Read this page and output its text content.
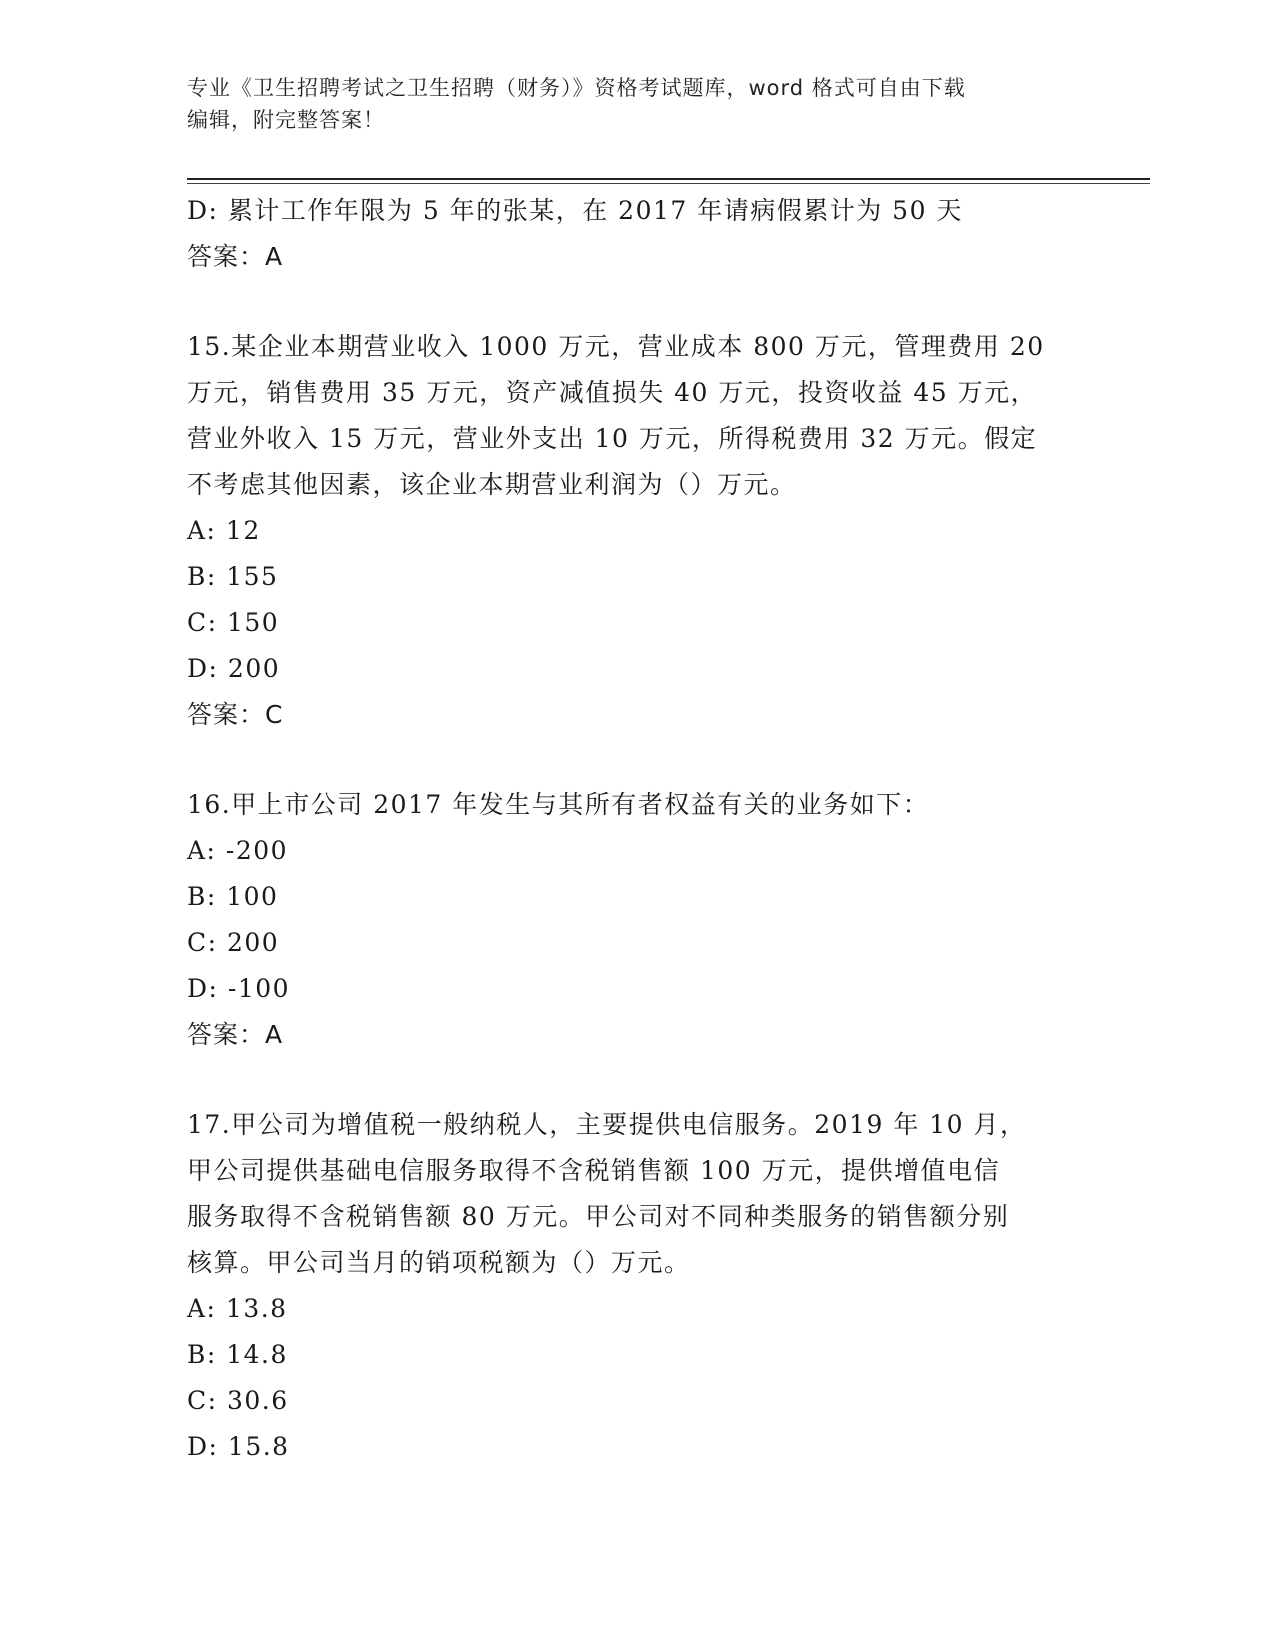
专业《卫生招聘考试之卫生招聘（财务）》资格考试题库，word 格式可自由下载
编辑，附完整答案！
D: 累计工作年限为 5 年的张某，在 2017 年请病假累计为 50 天
答案：A
15.某企业本期营业收入 1000 万元，营业成本 800 万元，管理费用 20
万元，销售费用 35 万元，资产减值损失 40 万元，投资收益 45 万元，
营业外收入 15 万元，营业外支出 10 万元，所得税费用 32 万元。假定
不考虑其他因素，该企业本期营业利润为（）万元。
A: 12
B: 155
C: 150
D: 200
答案：C
16.甲上市公司 2017 年发生与其所有者权益有关的业务如下：
A: -200
B: 100
C: 200
D: -100
答案：A
17.甲公司为增值税一般纳税人，主要提供电信服务。2019 年 10 月，
甲公司提供基础电信服务取得不含税销售额 100 万元，提供增值电信
服务取得不含税销售额 80 万元。甲公司对不同种类服务的销售额分别
核算。甲公司当月的销项税额为（）万元。
A: 13.8
B: 14.8
C: 30.6
D: 15.8
